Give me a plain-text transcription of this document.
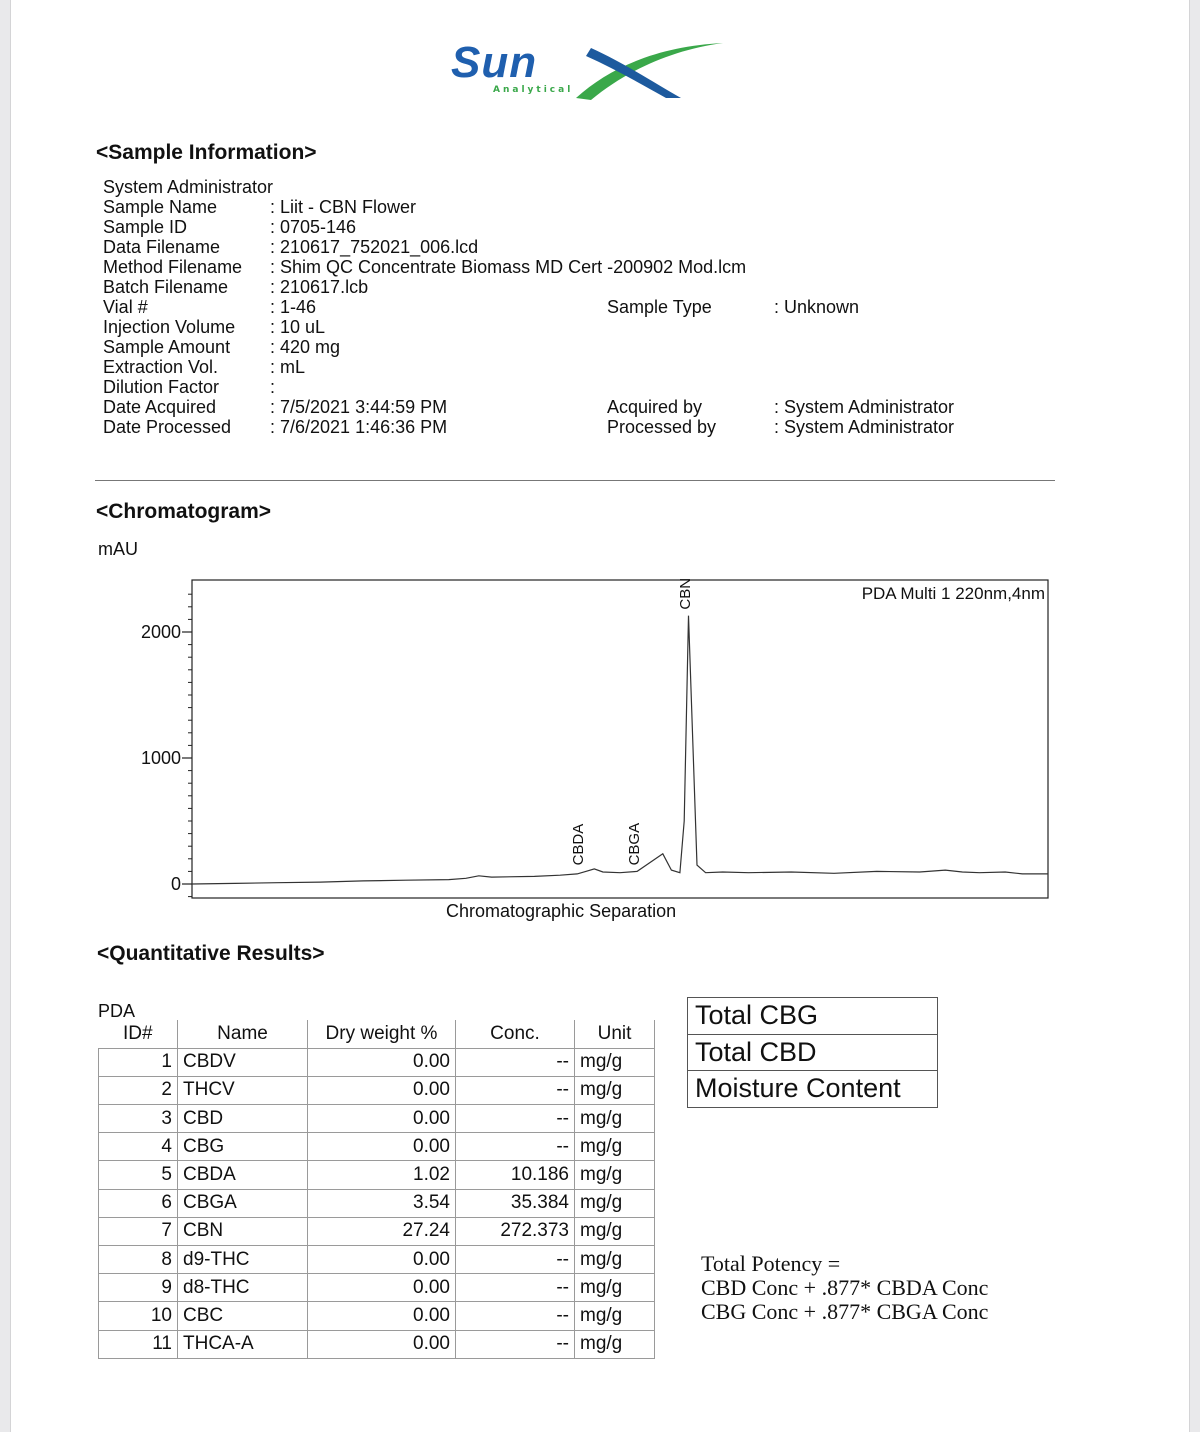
Sun
Analytical
<Sample Information>
System Administrator
Sample Name	: Liit - CBN Flower
Sample ID	: 0705-146
Data Filename	: 210617_752021_006.lcd
Method Filename : Shim QC Concentrate Biomass MD Cert -200902 Mod.lcm
Batch Filename : 210617.lcb
Vial #	: 1-46
Injection Volume : 10 uL
Sample Amount : 420 mg
Extraction Vol.	: mL
Dilution Factor	:
Date Acquired	: 7/5/2021 3:44:59 PM
Date Processed : 7/6/2021 1:46:36 PM
Sample Type	: Unknown
Acquired by	: System Administrator
Processed by	: System Administrator
<Chromatogram>
mAU
0
1000
2000
PDA Multi 1 220nm,4nm
CBDA	CBGA
CBN
Chromatographic Separation
<Quantitative Results>
PDA
ID#	Name	Dry weight %	Conc.	Unit
1	CBDV	0.00	--	mg/g
2	THCV	0.00	--	mg/g
3	CBD	0.00	--	mg/g
4	CBG	0.00	--	mg/g
5	CBDA	1.02	10.186	mg/g
6	CBGA	3.54	35.384	mg/g
7	CBN	27.24	272.373	mg/g
8	d9-THC	0.00	--	mg/g
9	d8-THC	0.00	--	mg/g
10	CBC	0.00	--	mg/g
11	THCA-A	0.00	--	mg/g
Total CBG
Total CBD
Moisture Content
Total Potency =
CBD Conc + .877* CBDA Conc
CBG Conc + .877* CBGA Conc
